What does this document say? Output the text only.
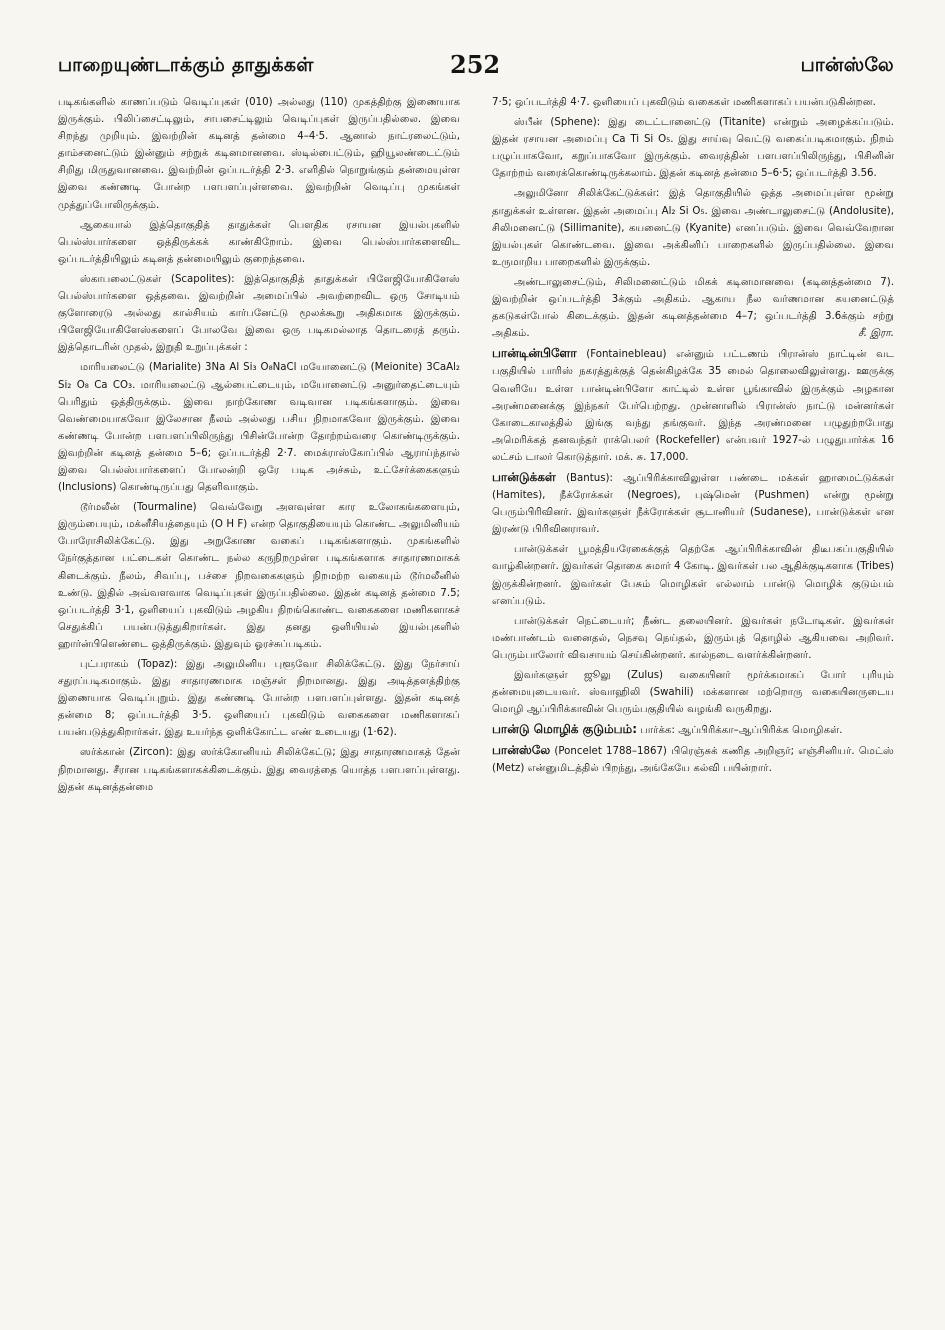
பாறையுண்டாக்கும் தாதுக்கள்	252	பான்ஸ்லே

படிகங்களில் காணப்படும் வெடிப்புகள் (010) அல்லது (110) முகத்திற்கு இணையாக இருக்கும். பிலிப்சைட்டிலும், சாபசைட்டிலும் வெடிப்புகள் இருப்பதில்லை. இவை சிறந்து முறியும். இவற்றின் கடினத் தன்மை 4–4·5. ஆனால் நாட்ரலைட்டும், தாம்சனைட்டும் இன்னும் சற்றுக் கடினமானவை. ஸ்டில்பைட்டும், ஹியூலண்டைட்டும் சிறிது மிருதுவானவை. இவற்றின் ஒப்படர்த்தி 2·3. எளிதில் நொறுங்கும் தன்மையுள்ள இவை கண்ணடி போன்ற பளபளப்புள்ளவை. இவற்றின் வெடிப்பு முகங்கள் முத்துப்போலிருக்கும்.

ஆகையால் இத்தொகுதித் தாதுக்கள் பௌதிக ரசாயன இயல்புகளில் பெல்ஸ்பார்களை ஒத்திருக்கக் காண்கிறோம். இவை பெல்ஸ்பார்களைவிட ஒப்படர்த்தியிலும் கடினத் தன்மையிலும் குறைந்தவை.

ஸ்காபலைட்டுகள் (Scapolites): இத்தொகுதித் தாதுக்கள் பிளேஜியோகிளேஸ் பெல்ஸ்பார்களை ஒத்தவை. இவற்றின் அமைப்பில் அவற்றைவிட ஒரு சோடியம் குளோரைடு அல்லது கால்சியம் கார்பனேட்டு மூலக்கூறு அதிகமாக இருக்கும். பிளேஜியோகிளேஸ்களைப் போலவே இவை ஒரு படிகமல்லாத தொடரைத் தரும். இத்தொடரின் முதல், இறுதி உறுப்புக்கள் :

மாரியலைட்டு (Marialite) 3Na Al Si₃ O₈NaCl மயோனைட்டு (Meionite) 3CaAl₂ Si₂ O₈ Ca CO₃. மாரியலைட்டு ஆல்பைட்டையும், மயோனைட்டு அனுர்தைட்டையும் பெரிதும் ஒத்திருக்கும். இவை நாற்கோண வடிவான படிகங்களாகும். இவை வெண்மையாகவோ இலேசான நீலம் அல்லது பசிய நிறமாகவோ இருக்கும். இவை கண்ணடி போன்ற பளபளப்பிலிருந்து பிசின்போன்ற தோற்றம்வரை கொண்டிருக்கும். இவற்றின் கடினத் தன்மை 5–6; ஒப்படர்த்தி 2·7. மைக்ராஸ்கோப்பில் ஆராய்ந்தால் இவை பெல்ஸ்பார்களைப் போலன்றி ஒரே படிக அச்சும், உட்சேர்க்கைகளும் (Inclusions) கொண்டிருப்பது தெளிவாகும்.

டூர்மலீன் (Tourmaline) வெவ்வேறு அளவுள்ள கார உலோகங்களையும், இரும்பையும், மக்னீசியத்தையும் (O H F) என்ற தொகுதியையும் கொண்ட அலுமினியம் போரோசிலிக்கேட்டு. இது அறுகோண வகைப் படிகங்களாகும். முகங்களில் நேர்குத்தான பட்டைகள் கொண்ட நல்ல கருநிறமுள்ள படிகங்களாக சாதாரணமாகக் கிடைக்கும். நீலம், சிவப்பு, பச்சை நிறவகைகளும் நிறமற்ற வகையும் டூர்மலீனில் உண்டு. இதில் அவ்வளவாக வெடிப்புகள் இருப்பதில்லை. இதன் கடினத் தன்மை 7.5; ஒப்படர்த்தி 3·1, ஒளியைப் புகவிடும் அழகிய நிறங்கொண்ட வகைகளை மணிகளாகச் செதுக்கிப் பயன்படுத்துகிறார்கள். இது தனது ஒளியியல் இயல்புகளில் ஹார்ன்பிளெண்டை ஒத்திருக்கும். இதுவும் ஓரச்சுப்படிகம்.

புட்பராகம் (Topaz): இது அலுமினிய புளூவோ சிலிக்கேட்டு. இது நேர்சாய் சதுரப்படிகமாகும். இது சாதாரணமாக மஞ்சள் நிறமானது. இது அடித்தளத்திற்கு இணையாக வெடிப்புறும். இது கண்ணடி போன்ற பளபளப்புள்ளது. இதன் கடினத் தன்மை 8; ஒப்படர்த்தி 3·5. ஒளியைப் புகவிடும் வகைகளை மணிகளாகப் பயன்படுத்துகிறார்கள். இது உயர்ந்த ஒளிக்கோட்ட எண் உடையது (1·62).

ஸர்க்கான் (Zircon): இது ஸர்க்கோனியம் சிலிக்கேட்டு; இது சாதாரணமாகத் தேன் நிறமானது. சீரான படிகங்களாகக்கிடைக்கும். இது வைரத்தை யொத்த பளபளப்புள்ளது. இதன் கடினத்தன்மை

7·5; ஒப்படர்த்தி 4·7. ஒளியைப் புகவிடும் வகைகள் மணிகளாகப் பயன்படுகின்றன.

ஸ்பீன் (Sphene): இது டைட்டானைட்டு (Titanite) என்றும் அழைக்கப்படும். இதன் ரசாயன அமைப்பு Ca Ti Si O₅. இது சாய்வு வெட்டு வகைப்படிகமாகும். நிறம் பழுப்பாகவோ, கறுப்பாகவோ இருக்கும். வைரத்தின் பளபளப்பிலிருந்து, பிசினின் தோற்றம் வரைக்கொண்டிருக்கலாம். இதன் கடினத் தன்மை 5–6·5; ஒப்படர்த்தி 3.56.

அலுமினோ சிலிக்கேட்டுக்கள்: இத் தொகுதியில் ஒத்த அமைப்புள்ள மூன்று தாதுக்கள் உள்ளன. இதன் அமைப்பு Al₂ Si O₅. இவை அண்டாலுசைட்டு (Andolusite), சிலிமனைட்டு (Sillimanite), கயனைட்டு (Kyanite) எனப்படும். இவை வெவ்வேறான இயல்புகள் கொண்டவை. இவை அக்கினிப் பாறைகளில் இருப்பதில்லை. இவை உருமாறிய பாறைகளில் இருக்கும்.

அண்டாலுசைட்டும், சிலிமனைட்டும் மிகக் கடினமானவை (கடினத்தன்மை 7). இவற்றின் ஒப்படர்த்தி 3க்கும் அதிகம். ஆகாய நீல வர்ணமான கயனைட்டுத் தகடுகள்போல் கிடைக்கும். இதன் கடினத்தன்மை 4–7; ஒப்படர்த்தி 3.6க்கும் சற்று அதிகம்.	சீ. இரா.

பான்டின்பிளோ (Fontainebleau) என்னும் பட்டணம் பிரான்ஸ் நாட்டின் வட பகுதியில் பாரிஸ் நகரத்துக்குத் தென்கிழக்கே 35 மைல் தொலைவிலுள்ளது. ஊருக்கு வெளியே உள்ள பான்டின்பிளோ காட்டில் உள்ள பூங்காவில் இருக்கும் அழகான அரண்மனைக்கு இந்நகர் பேர்பெற்றது. முன்னாளில் பிரான்ஸ் நாட்டு மன்னர்கள் கோடைகாலத்தில் இங்கு வந்து தங்குவர். இந்த அரண்மனை பழுதுற்றபோது அமெரிக்கத் தனவந்தர் ராக்பெலர் (Rockefeller) என்பவர் 1927-ல் பழுதுபார்க்க 16 லட்சம் டாலர் கொடுத்தார். மக். சு. 17,000.

பான்டுக்கள் (Bantus): ஆப்பிரிக்காவிலுள்ள பண்டை மக்கள் ஹாமைட்டுக்கள் (Hamites), நீக்ரோக்கள் (Negroes), புஷ்மென் (Pushmen) என்று மூன்று பெரும்பிரிவினர். இவர்களுள் நீக்ரோக்கள் சூடானியர் (Sudanese), பான்டுக்கள் என இரண்டு பிரிவினராவர்.

பான்டுக்கள் பூமத்தியரேகைக்குத் தெற்கே ஆப்பிரிக்காவின் திடீபகப்பகுதியில் வாழ்கின்றனர். இவர்கள் தொகை சுமார் 4 கோடி. இவர்கள் பல ஆதிக்குடிகளாக (Tribes) இருக்கின்றனர். இவர்கள் பேசும் மொழிகள் எல்லாம் பான்டு மொழிக் குடும்பம் எனப்படும்.

பான்டுக்கள் நெட்டையர்; நீண்ட தலையினர். இவர்கள் நடோடிகள். இவர்கள் மண்பாண்டம் வனைதல், நெசவு நெய்தல், இரும்புத் தொழில் ஆகியவை அறிவர். பெரும்பாலோர் விவசாயம் செய்கின்றனர். கால்நடை வளர்க்கின்றனர்.

இவர்களுள் ஜூலு (Zulus) வகையினர் மூர்க்கமாகப் போர் புரியும் தன்மையுடையவர். ஸ்வாஹிலி (Swahili) மக்களான மற்றொரு வகையினருடைய மொழி ஆப்பிரிக்காவின் பெரும்பகுதியில் வழங்கி வருகிறது.

பான்டு மொழிக் குடும்பம்: பார்க்க: ஆப்பிரிக்கா–ஆப்பிரிக்க மொழிகள்.

பான்ஸ்லே (Poncelet 1788–1867) பிரெஞ்சுக் கணித அறிஞர்; எஞ்சினியர். மெட்ஸ் (Metz) என்னுமிடத்தில் பிறந்து, அங்கேயே கல்வி பயின்றார்.
